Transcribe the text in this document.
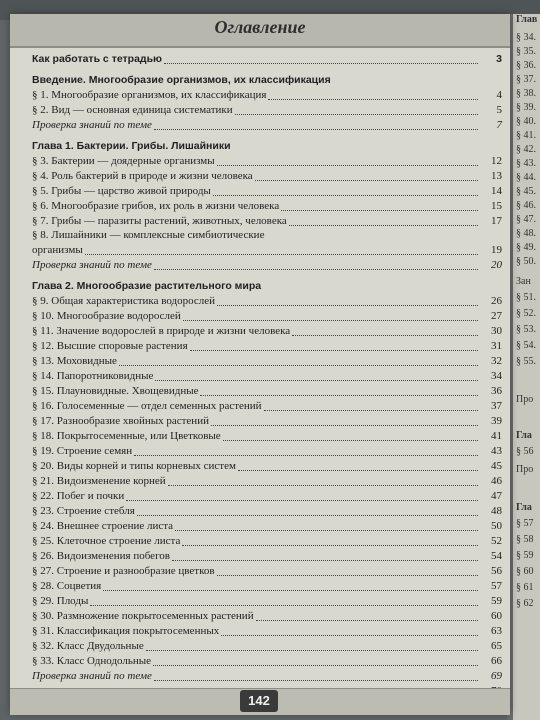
Глав
§ 34.
§ 35.
§ 36.
§ 37.
§ 38.
§ 39.
§ 40.
§ 41.
§ 42.
§ 43.
§ 44.
§ 45.
§ 46.
§ 47.
§ 48.
§ 49.
§ 50.
Зан
§ 51.
§ 52.
§ 53.
§ 54.
§ 55.
Про
Гла
§ 56
Про
Гла
§ 57
§ 58
§ 59
§ 60
§ 61
§ 62
Оглавление
Как работать с тетрадью	3
Введение. Многообразие организмов, их классификация
§ 1. Многообразие организмов, их классификация	4
§ 2. Вид — основная единица систематики	5
Проверка знаний по теме	7
Глава 1. Бактерии. Грибы. Лишайники
§ 3. Бактерии — доядерные организмы	12
§ 4. Роль бактерий в природе и жизни человека	13
§ 5. Грибы — царство живой природы	14
§ 6. Многообразие грибов, их роль в жизни человека	15
§ 7. Грибы — паразиты растений, животных, человека	17
§ 8. Лишайники — комплексные симбиотические
организмы	19
Проверка знаний по теме	20
Глава 2. Многообразие растительного мира
§ 9. Общая характеристика водорослей	26
§ 10. Многообразие водорослей	27
§ 11. Значение водорослей в природе и жизни человека	30
§ 12. Высшие споровые растения	31
§ 13. Моховидные	32
§ 14. Папоротниковидные	34
§ 15. Плауновидные. Хвощевидные	36
§ 16. Голосеменные — отдел семенных растений	37
§ 17. Разнообразие хвойных растений	39
§ 18. Покрытосеменные, или Цветковые	41
§ 19. Строение семян	43
§ 20. Виды корней и типы корневых систем	45
§ 21. Видоизменение корней	46
§ 22. Побег и почки	47
§ 23. Строение стебля	48
§ 24. Внешнее строение листа	50
§ 25. Клеточное строение листа	52
§ 26. Видоизменения побегов	54
§ 27. Строение и разнообразие цветков	56
§ 28. Соцветия	57
§ 29. Плоды	59
§ 30. Размножение покрытосеменных растений	60
§ 31. Классификация покрытосеменных	63
§ 32. Класс Двудольные	65
§ 33. Класс Однодольные	66
Проверка знаний по теме	69
142
